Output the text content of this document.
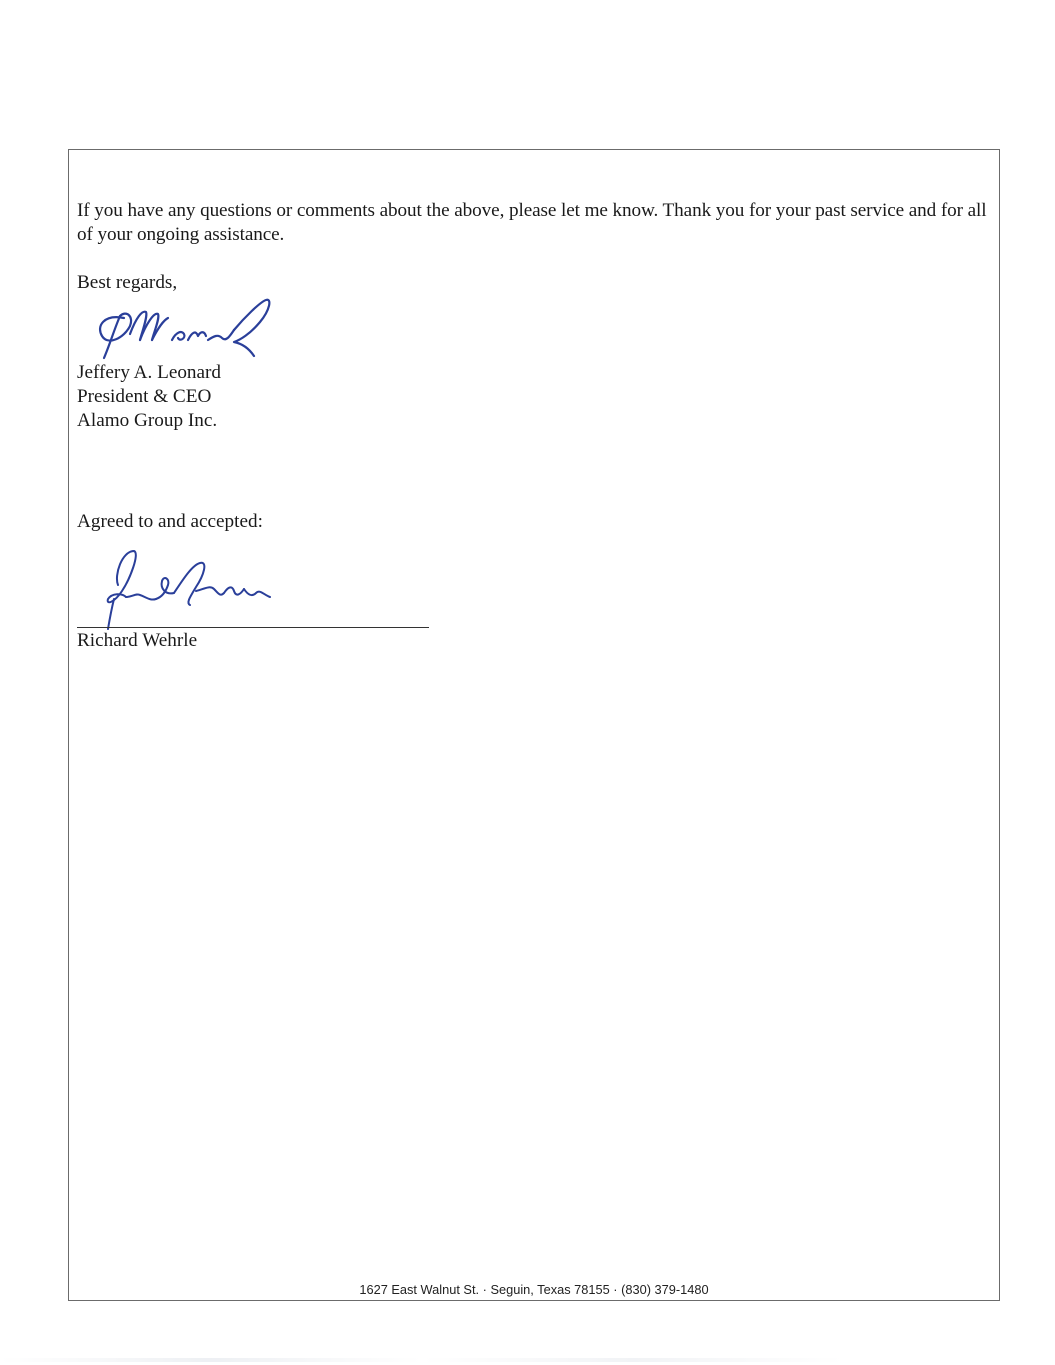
If you have any questions or comments about the above, please let me know. Thank you for your past service and for all of your ongoing assistance.

Best regards,

Jeffery A. Leonard
President & CEO
Alamo Group Inc.

Agreed to and accepted:

Richard Wehrle

1627 East Walnut St. · Seguin, Texas 78155 · (830) 379-1480
